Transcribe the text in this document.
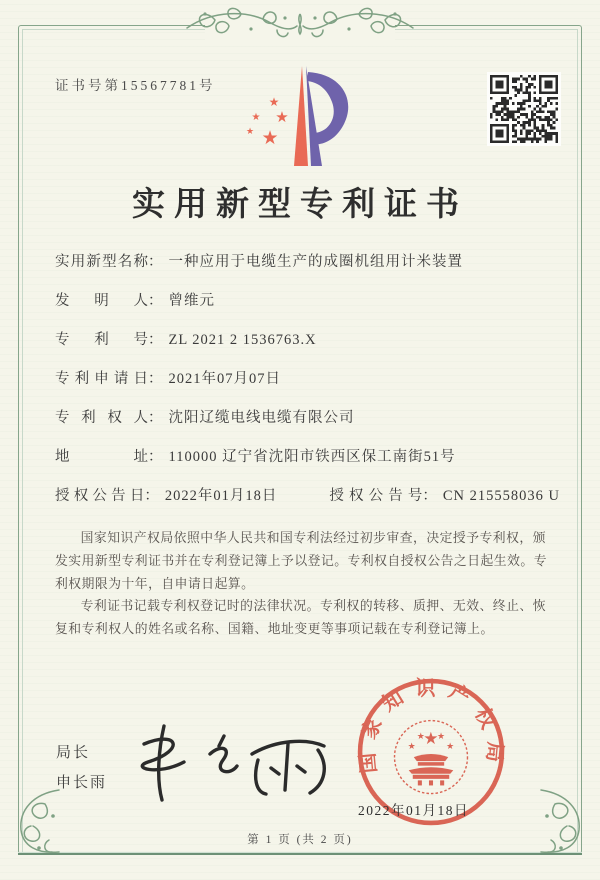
证书号第15567781号
★
★ ★
★ ★
实用新型专利证书
实用新型名称 ： 一种应用于电缆生产的成圈机组用计米装置
发明人 ： 曾维元
专利号 ： ZL 2021 2 1536763.X
专利申请日 ： 2021年07月07日
专利权人 ： 沈阳辽缆电线电缆有限公司
地址 ： 110000 辽宁省沈阳市铁西区保工南街51号
授权公告日 ： 2022年01月18日	授权公告号 ： CN 215558036 U

国家知识产权局依照中华人民共和国专利法经过初步审查，决定授予专利权，颁发实用新型专利证书并在专利登记簿上予以登记。专利权自授权公告之日起生效。专利权期限为十年，自申请日起算。

专利证书记载专利权登记时的法律状况。专利权的转移、质押、无效、终止、恢复和专利权人的姓名或名称、国籍、地址变更等事项记载在专利登记簿上。

局长
申长雨
国家知识产权局
★
★
★ ★
★
2022年01月18日
第 1 页 (共 2 页)
